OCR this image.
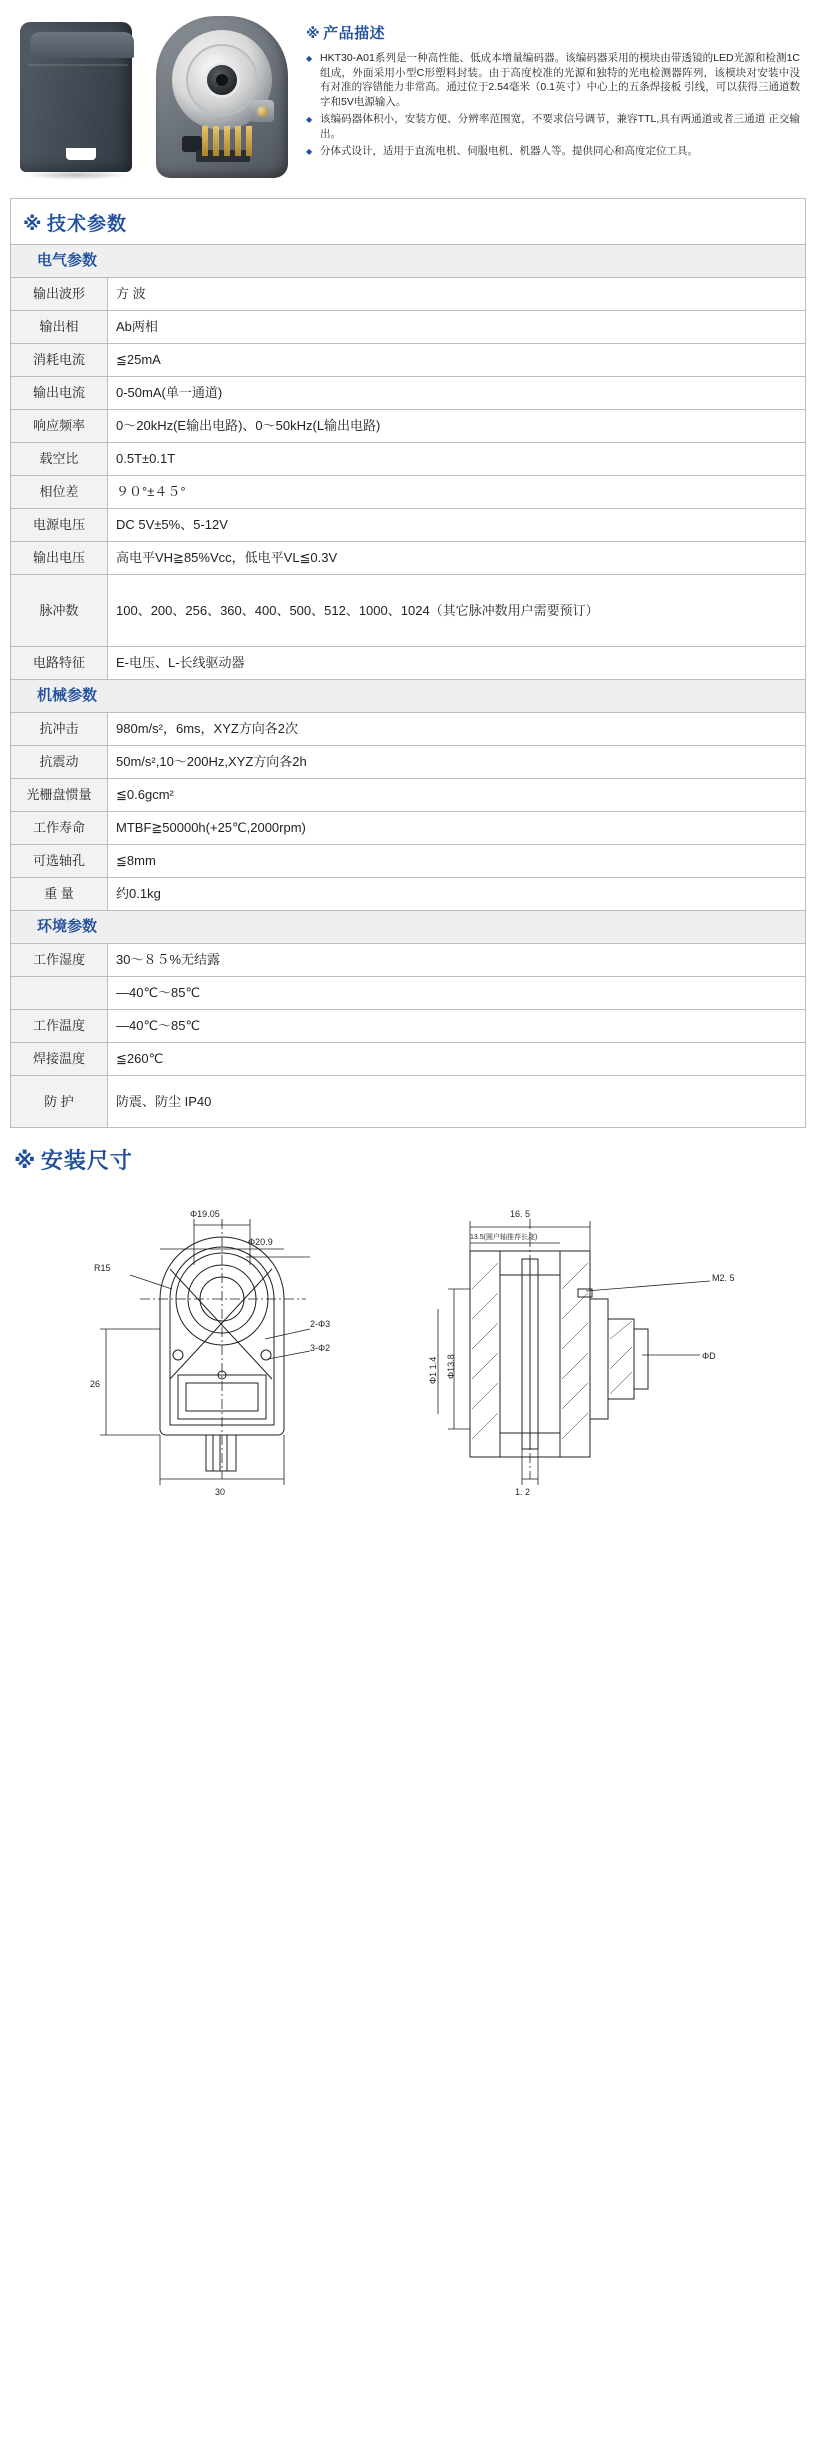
※ 产品描述
◆ HKT30-A01系列是一种高性能、低成本增量编码器。该编码器采用的模块由带透镜的LED光源和检测1C组成，外面采用小型C形塑料封装。由于高度校准的光源和独特的光电检测器阵列，该模块对安装中没有对准的容错能力非常高。通过位于2.54毫米（0.1英寸）中心上的五条焊接板 引线，可以获得三通道数字和5V电源输入。
◆ 该编码器体积小，安装方便、分辨率范围宽，不要求信号调节，兼容TTL,具有两通道或者三通道 正交输出。
◆ 分体式设计，适用于直流电机、伺服电机、机器人等。提供同心和高度定位工具。
※ 技术参数
电气参数	
输出波形	方 波
输出相	Ab两相
消耗电流	≦25mA
输出电流	0-50mA(单一通道)
响应频率	0〜20kHz(E输出电路)、0〜50kHz(L输出电路)
载空比	0.5T±0.1T
相位差	９０°±４５°
电源电压	DC 5V±5%、5-12V
输出电压	高电平VH≧85%Vcc，低电平VL≦0.3V
脉冲数	100、200、256、360、400、500、512、1000、1024（其它脉冲数用户需要预订）
电路特征	E-电压、L-长线驱动器
机械参数	
抗冲击	980m/s²，6ms，XYZ方向各2次
抗震动	50m/s²,10〜200Hz,XYZ方向各2h
光栅盘惯量	≦0.6gcm²
工作寿命	MTBF≧50000h(+25℃,2000rpm)
可选轴孔	≦8mm
重 量	约0.1kg
环境参数	
工作湿度	30〜８５%无结露
	—40℃〜85℃
工作温度	—40℃〜85℃
焊接温度	≦260℃
防 护	防震、防尘 IP40
※ 安装尺寸
Φ19.05
Φ20.9
R15
2-Φ3
3-Φ2
26
30
16. 5
13.5(圆户轴推荐长度)
Φ13.8
Φ1 1.4
ΦD
M2. 5
1. 2
